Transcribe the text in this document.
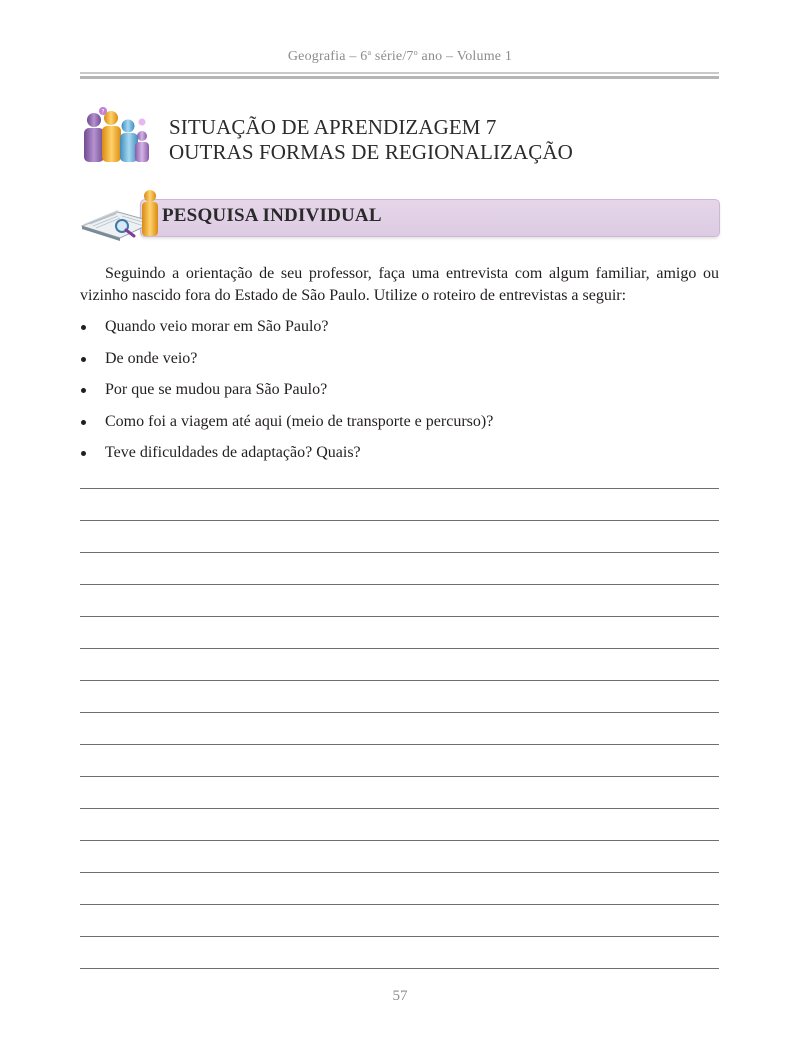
Geografia – 6$^a$ série/7$^o$ ano – Volume 1
?
SITUAÇÃO DE APRENDIZAGEM 7
OUTRAS FORMAS DE REGIONALIZAÇÃO
PESQUISA INDIVIDUAL

Seguindo a orientação de seu professor, faça uma entrevista com algum familiar, amigo ou vizinho nascido fora do Estado de São Paulo. Utilize o roteiro de entrevistas a seguir:

Quando veio morar em São Paulo?
De onde veio?
Por que se mudou para São Paulo?
Como foi a viagem até aqui (meio de transporte e percurso)?
Teve dificuldades de adaptação? Quais?
57
